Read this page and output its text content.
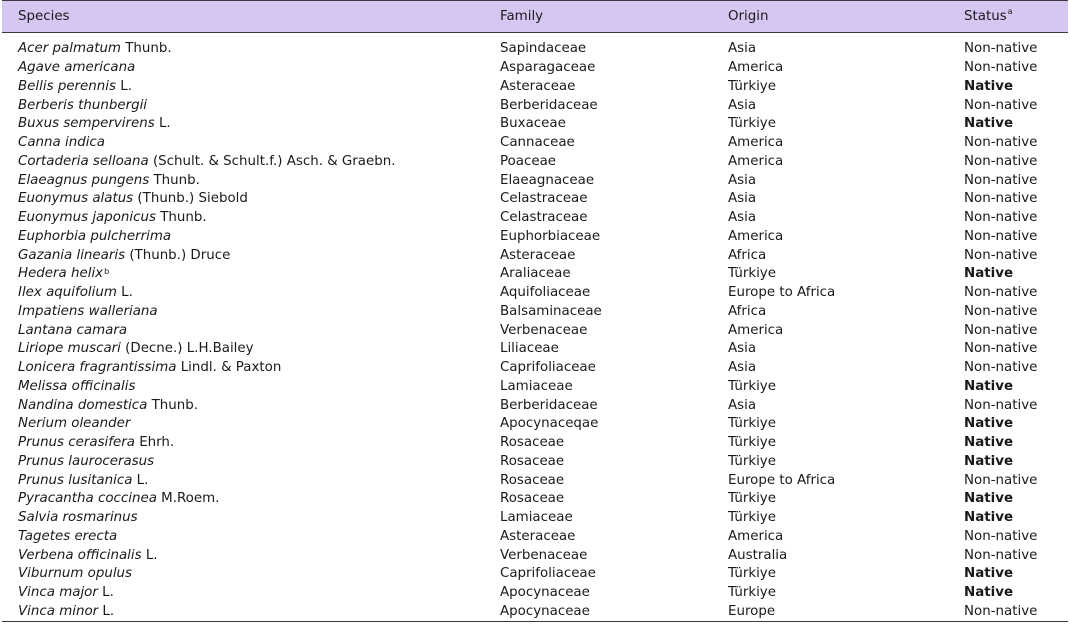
Species	Family	Origin	Status$^a$

Acer palmatum Thunb.	Sapindaceae	Asia	Non-native
Agave americana	Asparagaceae	America	Non-native
Bellis perennis L.	Asteraceae	Türkiye	Native
Berberis thunbergii	Berberidaceae	Asia	Non-native
Buxus sempervirens L.	Buxaceae	Türkiye	Native
Canna indica	Cannaceae	America	Non-native
Cortaderia selloana (Schult. & Schult.f.) Asch. & Graebn.	Poaceae	America	Non-native
Elaeagnus pungens Thunb.	Elaeagnaceae	Asia	Non-native
Euonymus alatus (Thunb.) Siebold	Celastraceae	Asia	Non-native
Euonymus japonicus Thunb.	Celastraceae	Asia	Non-native
Euphorbia pulcherrima	Euphorbiaceae	America	Non-native
Gazania linearis (Thunb.) Druce	Asteraceae	Africa	Non-native
Hedera helix$^b$	Araliaceae	Türkiye	Native
Ilex aquifolium L.	Aquifoliaceae	Europe to Africa	Non-native
Impatiens walleriana	Balsaminaceae	Africa	Non-native
Lantana camara	Verbenaceae	America	Non-native
Liriope muscari (Decne.) L.H.Bailey	Liliaceae	Asia	Non-native
Lonicera fragrantissima Lindl. & Paxton	Caprifoliaceae	Asia	Non-native
Melissa officinalis	Lamiaceae	Türkiye	Native
Nandina domestica Thunb.	Berberidaceae	Asia	Non-native
Nerium oleander	Apocynaceqae	Türkiye	Native
Prunus cerasifera Ehrh.	Rosaceae	Türkiye	Native
Prunus laurocerasus	Rosaceae	Türkiye	Native
Prunus lusitanica L.	Rosaceae	Europe to Africa	Non-native
Pyracantha coccinea M.Roem.	Rosaceae	Türkiye	Native
Salvia rosmarinus	Lamiaceae	Türkiye	Native
Tagetes erecta	Asteraceae	America	Non-native
Verbena officinalis L.	Verbenaceae	Australia	Non-native
Viburnum opulus	Caprifoliaceae	Türkiye	Native
Vinca major L.	Apocynaceae	Türkiye	Native
Vinca minor L.	Apocynaceae	Europe	Non-native
